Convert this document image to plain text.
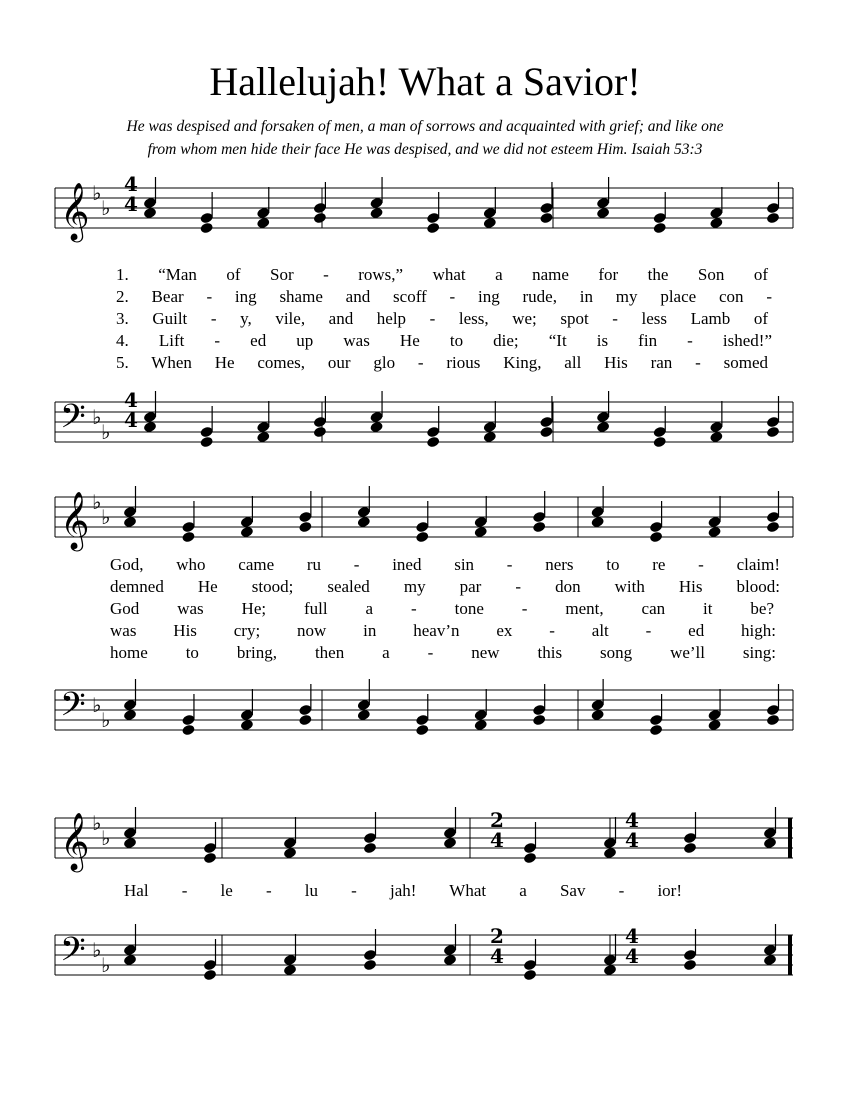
Hallelujah! What a Savior!
He was despised and forsaken of men, a man of sorrows and acquainted with grief; and like one
from whom men hide their face He was despised, and we did not esteem Him. Isaiah 53:3
𝄞 ♭
♭
𝄢 ♭
♭
𝄞 ♭
♭
𝄢 ♭
♭
𝄞 ♭
♭
𝄢 ♭
♭
1. “Man of Sor - rows,” what a name for the Son of
2. Bear - ing shame and scoff - ing rude, in my place con -
3. Guilt - y, vile, and help - less, we; spot - less Lamb of
4. Lift - ed up was He to die; “It is fin - ished!”
5. When He comes, our glo - rious King, all His ran - somed
God, who came ru - ined sin - ners to re - claim!
demned He stood; sealed my par - don with His blood:
God was He; full a - tone - ment, can it be?
was His cry; now in heav’n ex - alt - ed high:
home to bring, then a - new this song we’ll sing:
Hal - le - lu - jah! What a Sav - ior!
4
4
4
4
2
4
4
4
2
4
4
4
